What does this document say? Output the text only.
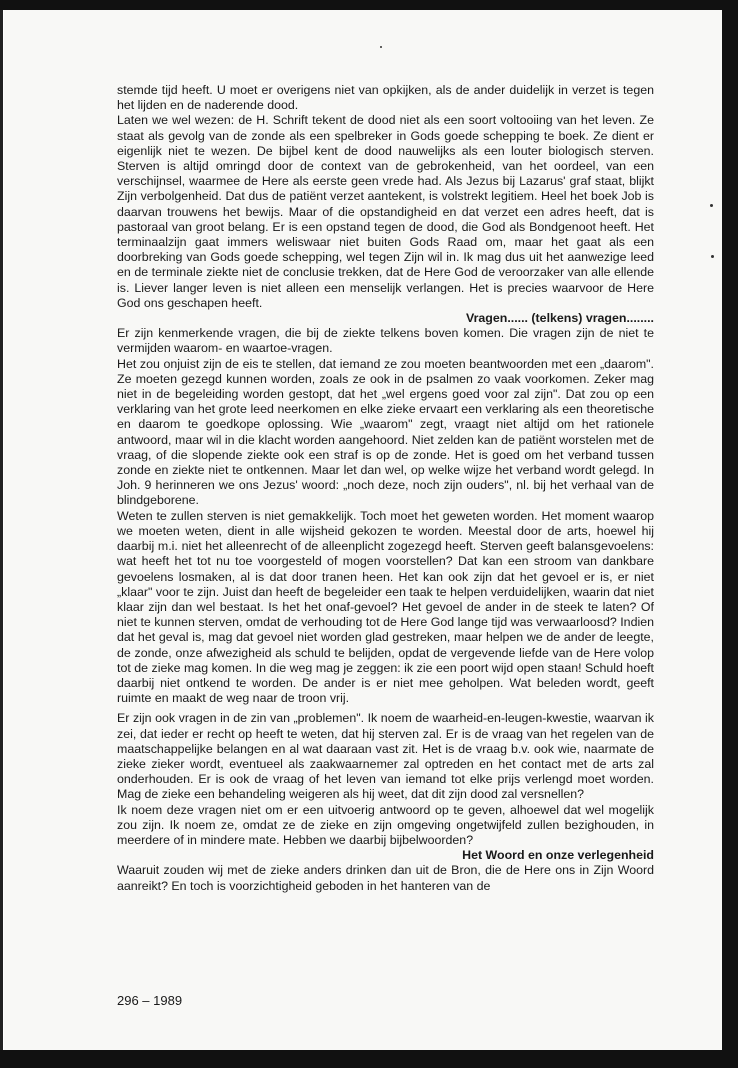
stemde tijd heeft. U moet er overigens niet van opkijken, als de ander duidelijk in verzet is tegen het lijden en de naderende dood.

Laten we wel wezen: de H. Schrift tekent de dood niet als een soort voltooiing van het leven. Ze staat als gevolg van de zonde als een spelbreker in Gods goede schepping te boek. Ze dient er eigenlijk niet te wezen. De bijbel kent de dood nauwelijks als een louter biologisch sterven. Sterven is altijd omringd door de context van de gebrokenheid, van het oordeel, van een verschijnsel, waarmee de Here als eerste geen vrede had. Als Jezus bij Lazarus' graf staat, blijkt Zijn verbolgenheid. Dat dus de patiënt verzet aantekent, is volstrekt legitiem. Heel het boek Job is daarvan trouwens het bewijs. Maar of die opstandigheid en dat verzet een adres heeft, dat is pastoraal van groot belang. Er is een opstand tegen de dood, die God als Bondgenoot heeft. Het terminaalzijn gaat immers weliswaar niet buiten Gods Raad om, maar het gaat als een doorbreking van Gods goede schepping, wel tegen Zijn wil in. Ik mag dus uit het aanwezige leed en de terminale ziekte niet de conclusie trekken, dat de Here God de veroorzaker van alle ellende is. Liever langer leven is niet alleen een menselijk verlangen. Het is precies waarvoor de Here God ons geschapen heeft.

Vragen...... (telkens) vragen........

Er zijn kenmerkende vragen, die bij de ziekte telkens boven komen. Die vragen zijn de niet te vermijden waarom- en waartoe-vragen.

Het zou onjuist zijn de eis te stellen, dat iemand ze zou moeten beantwoorden met een „daarom". Ze moeten gezegd kunnen worden, zoals ze ook in de psalmen zo vaak voorkomen. Zeker mag niet in de begeleiding worden gestopt, dat het „wel ergens goed voor zal zijn". Dat zou op een verklaring van het grote leed neerkomen en elke zieke ervaart een verklaring als een theoretische en daarom te goedkope oplossing. Wie „waarom" zegt, vraagt niet altijd om het rationele antwoord, maar wil in die klacht worden aangehoord. Niet zelden kan de patiënt worstelen met de vraag, of die slopende ziekte ook een straf is op de zonde. Het is goed om het verband tussen zonde en ziekte niet te ontkennen. Maar let dan wel, op welke wijze het verband wordt gelegd. In Joh. 9 herinneren we ons Jezus' woord: „noch deze, noch zijn ouders", nl. bij het verhaal van de blindgeborene.

Weten te zullen sterven is niet gemakkelijk. Toch moet het geweten worden. Het moment waarop we moeten weten, dient in alle wijsheid gekozen te worden. Meestal door de arts, hoewel hij daarbij m.i. niet het alleenrecht of de alleenplicht zogezegd heeft. Sterven geeft balansgevoelens: wat heeft het tot nu toe voorgesteld of mogen voorstellen? Dat kan een stroom van dankbare gevoelens losmaken, al is dat door tranen heen. Het kan ook zijn dat het gevoel er is, er niet „klaar" voor te zijn. Juist dan heeft de begeleider een taak te helpen verduidelijken, waarin dat niet klaar zijn dan wel bestaat. Is het het onaf-gevoel? Het gevoel de ander in de steek te laten? Of niet te kunnen sterven, omdat de verhouding tot de Here God lange tijd was verwaarloosd? Indien dat het geval is, mag dat gevoel niet worden glad gestreken, maar helpen we de ander de leegte, de zonde, onze afwezigheid als schuld te belijden, opdat de vergevende liefde van de Here volop tot de zieke mag komen. In die weg mag je zeggen: ik zie een poort wijd open staan! Schuld hoeft daarbij niet ontkend te worden. De ander is er niet mee geholpen. Wat beleden wordt, geeft ruimte en maakt de weg naar de troon vrij.

Er zijn ook vragen in de zin van „problemen". Ik noem de waarheid-en-leugen-kwestie, waarvan ik zei, dat ieder er recht op heeft te weten, dat hij sterven zal. Er is de vraag van het regelen van de maatschappelijke belangen en al wat daaraan vast zit. Het is de vraag b.v. ook wie, naarmate de zieke zieker wordt, eventueel als zaakwaarnemer zal optreden en het contact met de arts zal onderhouden. Er is ook de vraag of het leven van iemand tot elke prijs verlengd moet worden. Mag de zieke een behandeling weigeren als hij weet, dat dit zijn dood zal versnellen?

Ik noem deze vragen niet om er een uitvoerig antwoord op te geven, alhoewel dat wel mogelijk zou zijn. Ik noem ze, omdat ze de zieke en zijn omgeving ongetwijfeld zullen bezighouden, in meerdere of in mindere mate. Hebben we daarbij bijbelwoorden?

Het Woord en onze verlegenheid

Waaruit zouden wij met de zieke anders drinken dan uit de Bron, die de Here ons in Zijn Woord aanreikt? En toch is voorzichtigheid geboden in het hanteren van de

296 – 1989
